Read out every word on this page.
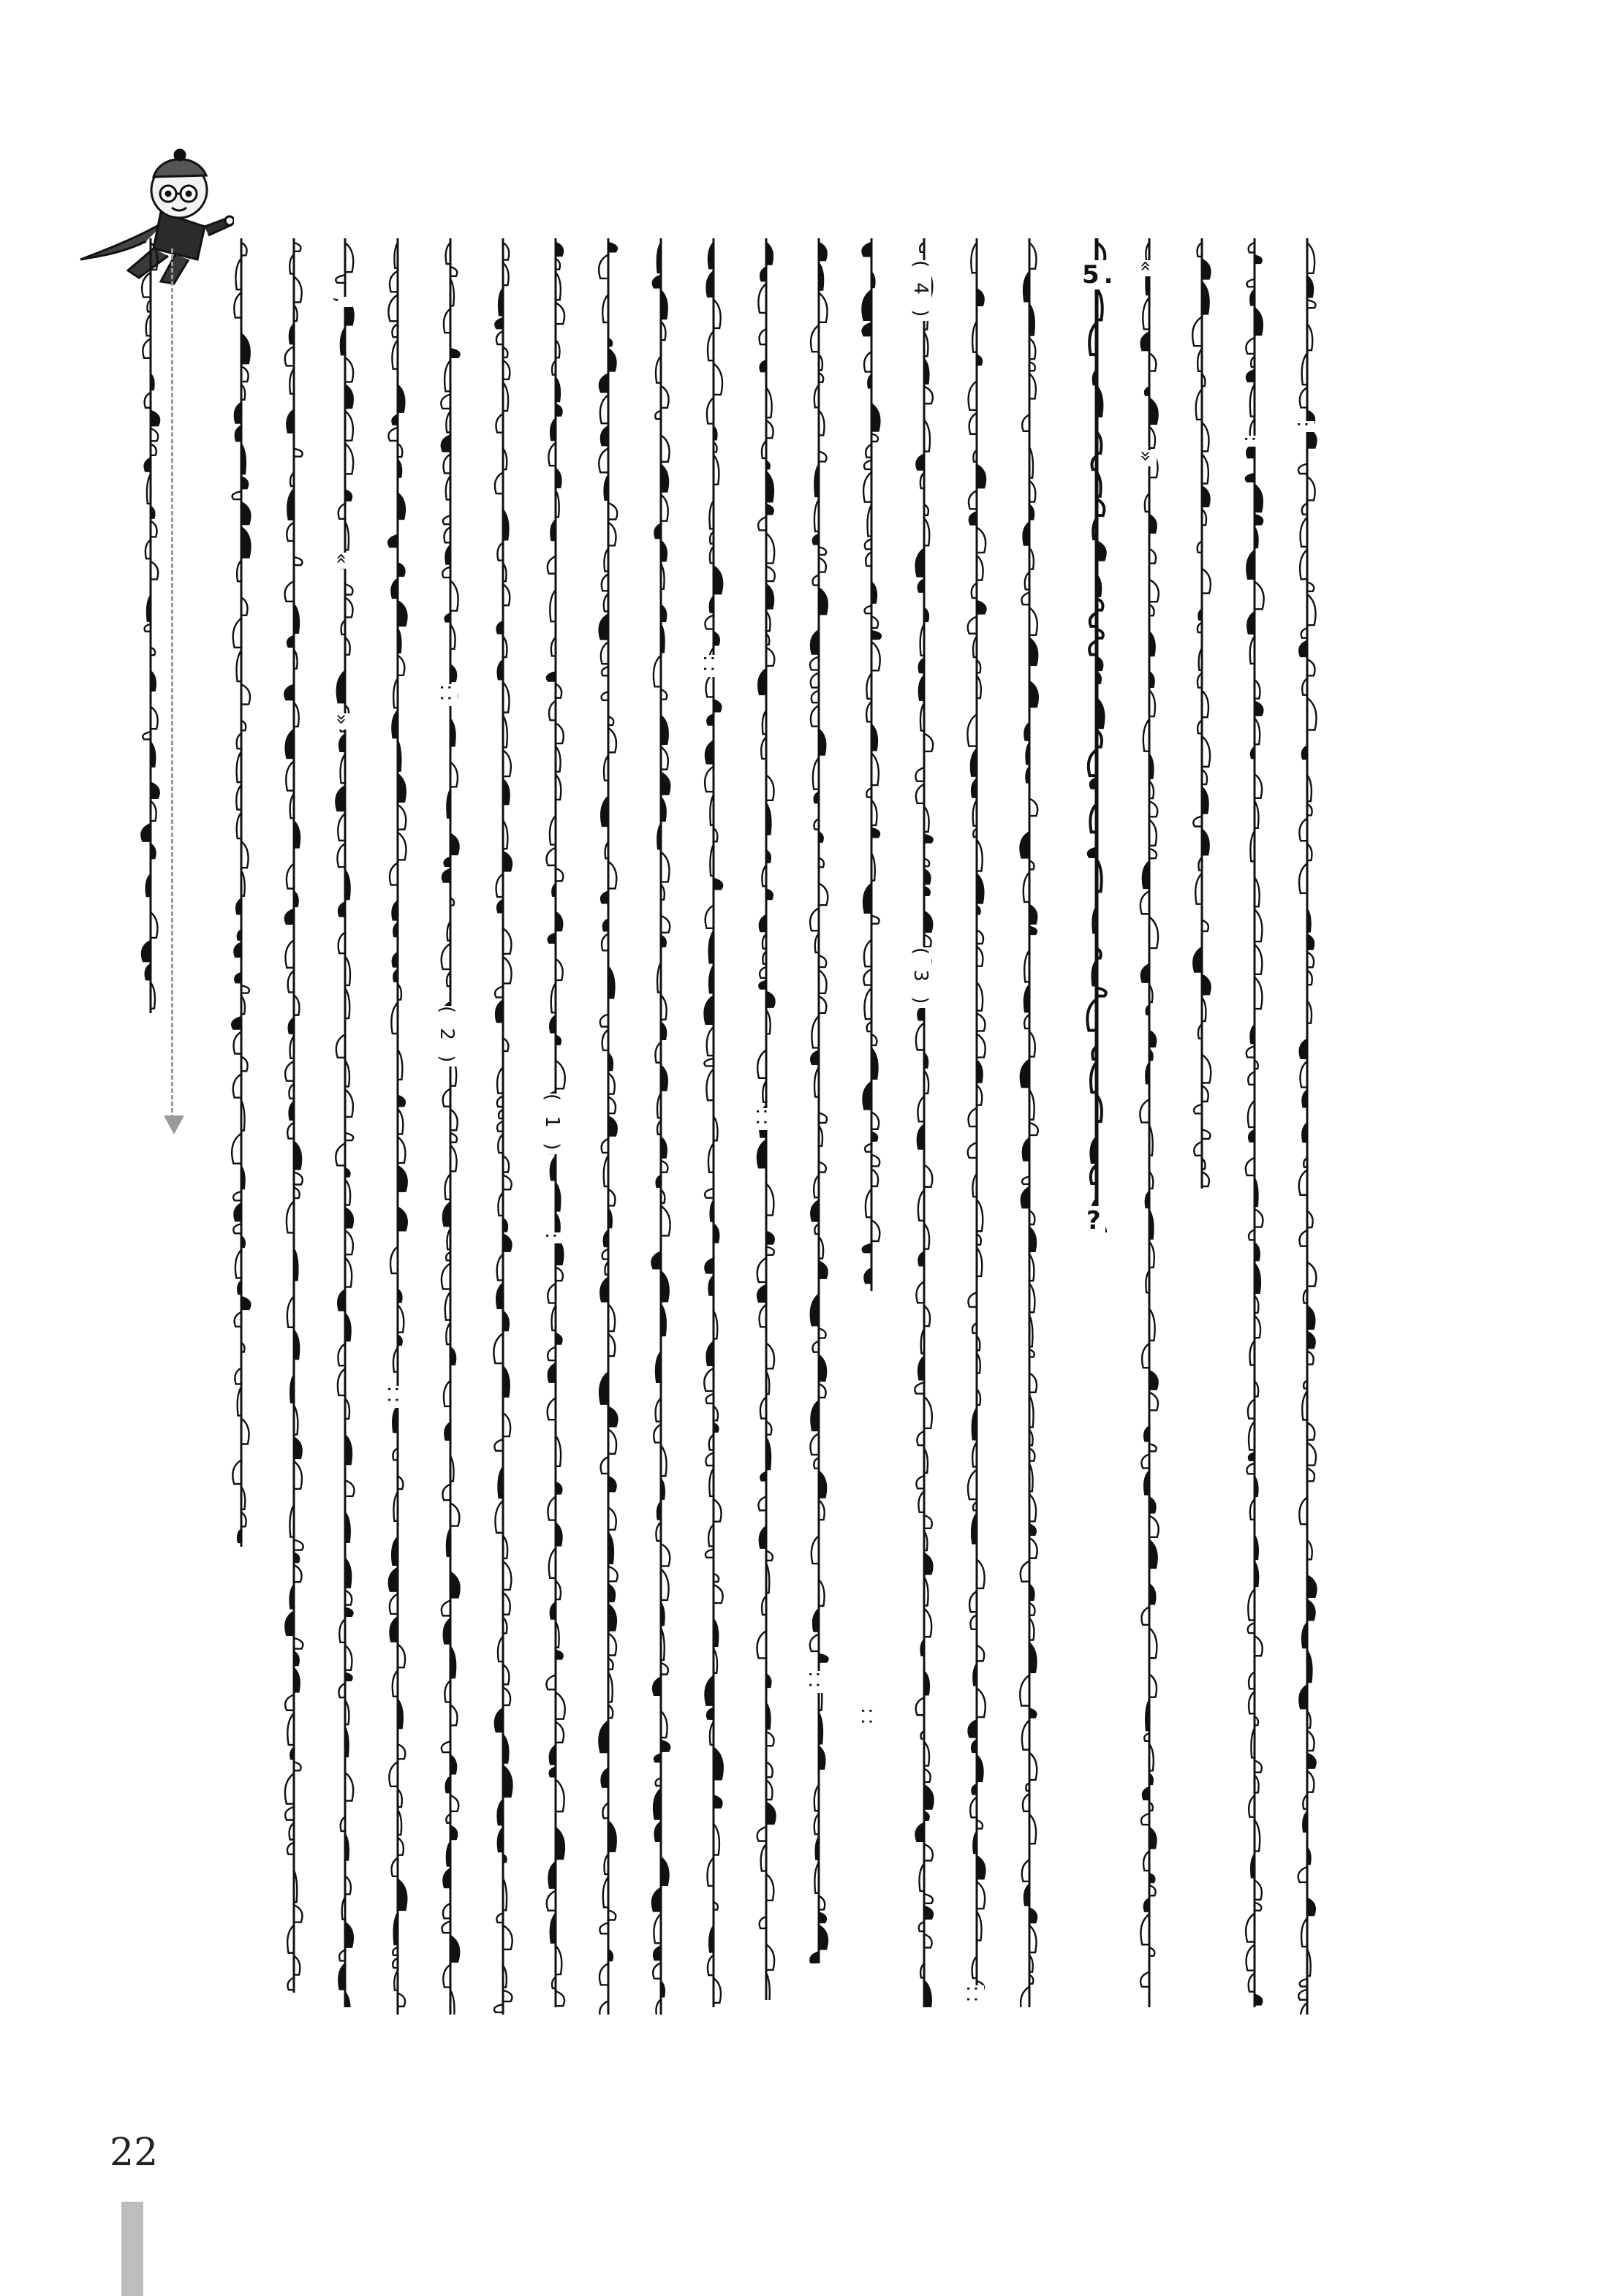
,
«
»
::
::
( 2 )
:
( 1 )
::
::
::
::
( 4 )
( 3 )
::
5.
?
«
»
:
:
22
